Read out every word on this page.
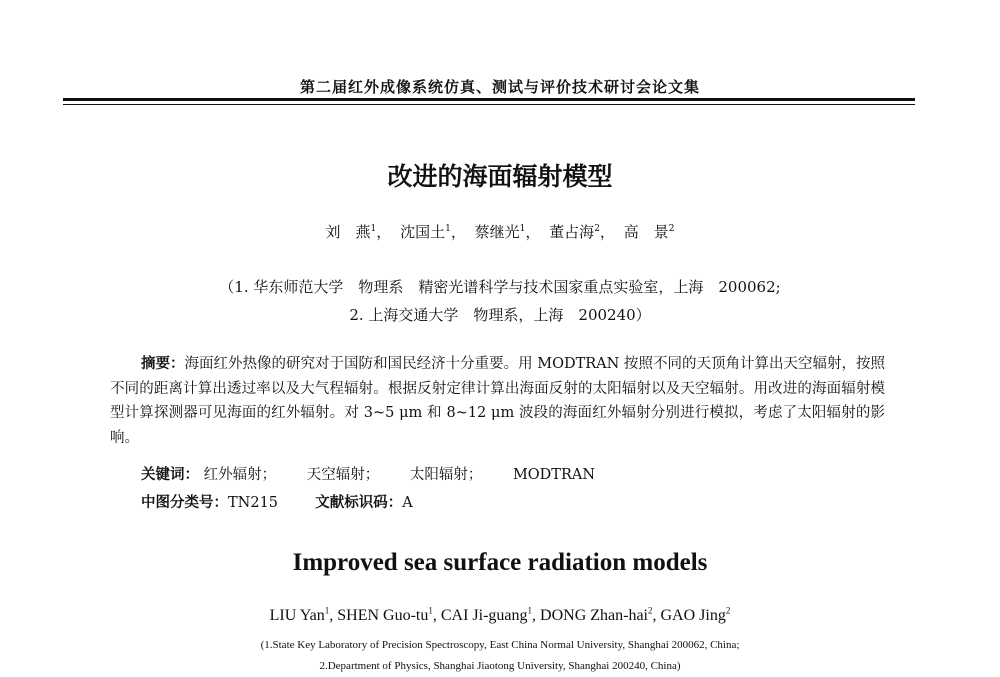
第二届红外成像系统仿真、测试与评价技术研讨会论文集
改进的海面辐射模型
刘　燕$^1$， 沈国土$^1$， 蔡继光$^1$， 董占海$^2$， 高　景$^2$
（1. 华东师范大学　物理系　精密光谱科学与技术国家重点实验室，上海　200062;
2. 上海交通大学　物理系，上海　200240）
摘要：海面红外热像的研究对于国防和国民经济十分重要。用 MODTRAN 按照不同的天顶角计算出天空辐射，按照不同的距离计算出透过率以及大气程辐射。根据反射定律计算出海面反射的太阳辐射以及天空辐射。用改进的海面辐射模型计算探测器可见海面的红外辐射。对 3~5 μm 和 8~12 μm 波段的海面红外辐射分别进行模拟，考虑了太阳辐射的影响。
关键词： 红外辐射； 天空辐射； 太阳辐射； MODTRAN
中图分类号：TN215	文献标识码：A
Improved sea surface radiation models
LIU Yan$^1$, SHEN Guo-$tu^1$, CAI Ji-guang$^1$, DONG Zhan-hai$^2$, GAO Jing$^2$
(1.State Key Laboratory of Precision Spectroscopy, East China Normal University, Shanghai 200062, China;
2.Department of Physics, Shanghai Jiaotong University, Shanghai 200240, China)
